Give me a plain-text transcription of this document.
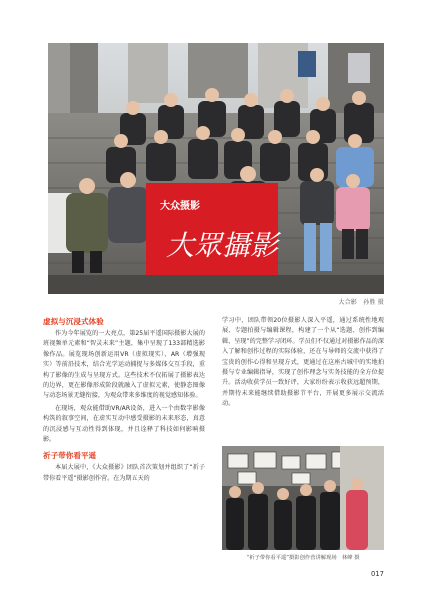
大众摄影
大眾攝影
大合影　孙胜 摄
虚拟与沉浸式体验

作为今年展览的一大亮点，第25届平遥国际摄影大展的班视频单元素和“智灵未来”主题，集中呈现了133部精选影像作品。展览现场创新运用VR（虚拟现实）、AR（增强现实）等前沿技术，结合光学运动捕捉与多媒体交互手段，重构了影像的生成与呈现方式。这些技术不仅拓展了摄影表达的边界，更在影像形成阶段就融入了虚拟元素，使静态图像与动态场景无缝衔接，为观众带来多维度的视觉感知体验。

在现场，观众能借助VR/AR设备，进入一个由数字影像构筑的叙事空间，在虚实互动中感受摄影的未来形态，真意的沉浸感与互动性得到体现，并且诠释了科技如何影响摄影。

祈子带你看平遥

本届大展中，《大众摄影》团队首次策划并组织了“祈子带你看平遥”摄影创作营。在为期五天的

学习中，团队带领20位摄影人深入平遥，通过系统性地观展、专题拍摄与编辑课程，构建了一个从“选题、创作到编辑、呈现”的完整学习闭环。学员们不仅通过对摄影作品的深入了解和创作过程的实际体验，还在与导师的交流中获得了宝贵的创作心得和呈现方式，更通过在这座古城中的实地拍摄与专业编辑指导，实现了创作理念与实务技能的全方位提升。活动收获学员一致好评，大家纷纷表示收获远超预期，并期待未来能继续借助摄影节平台，开展更多展示交流活动。

“祈子带你看平遥”摄影创作营讲解现场　林峰 摄
017
